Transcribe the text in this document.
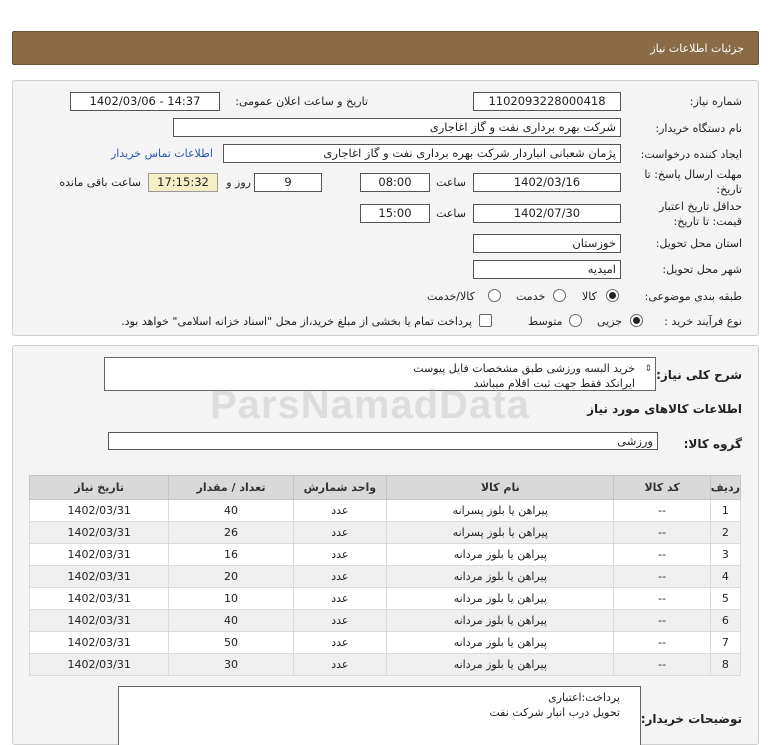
جزئیات اطلاعات نیاز
شماره نیاز:
1102093228000418
تاریخ و ساعت اعلان عمومی:
1402/03/06 - 14:37
نام دستگاه خریدار:
شرکت بهره برداری نفت و گاز اغاجاری
ایجاد کننده درخواست:
پژمان شعبانی انباردار شرکت بهره برداری نفت و گاز اغاجاری
اطلاعات تماس خریدار
مهلت ارسال پاسخ: تا
تاریخ:
1402/03/16
ساعت
08:00
9
روز و
17:15:32
ساعت باقی مانده
حداقل تاریخ اعتبار
قیمت: تا تاریخ:
1402/07/30
ساعت
15:00
استان محل تحویل:
خوزستان
شهر محل تحویل:
امیدیه
طبقه بندی موضوعی:
کالا
خدمت
کالا/خدمت
نوع فرآیند خرید :
جزیی
متوسط
پرداخت تمام یا بخشی از مبلغ خرید،از محل "اسناد خزانه اسلامی" خواهد بود.
شرح کلی نیاز:
خرید البسه ورزشی طبق مشخصات فایل پیوست
ایرانکد فقط جهت ثبت اقلام میباشد
⇕
اطلاعات کالاهای مورد نیاز
ParsNamadData
گروه کالا:
ورزشی
ردیف	کد کالا	نام کالا	واحد شمارش	تعداد / مقدار	تاریخ نیاز
1	--	پیراهن یا بلوز پسرانه	عدد	40	1402/03/31
2	--	پیراهن یا بلوز پسرانه	عدد	26	1402/03/31
3	--	پیراهن یا بلوز مردانه	عدد	16	1402/03/31
4	--	پیراهن یا بلوز مردانه	عدد	20	1402/03/31
5	--	پیراهن یا بلوز مردانه	عدد	10	1402/03/31
6	--	پیراهن یا بلوز مردانه	عدد	40	1402/03/31
7	--	پیراهن یا بلوز مردانه	عدد	50	1402/03/31
8	--	پیراهن یا بلوز مردانه	عدد	30	1402/03/31
توضیحات خریدار:
پرداخت:اعتباری
تحویل درب انبار شرکت نفت
